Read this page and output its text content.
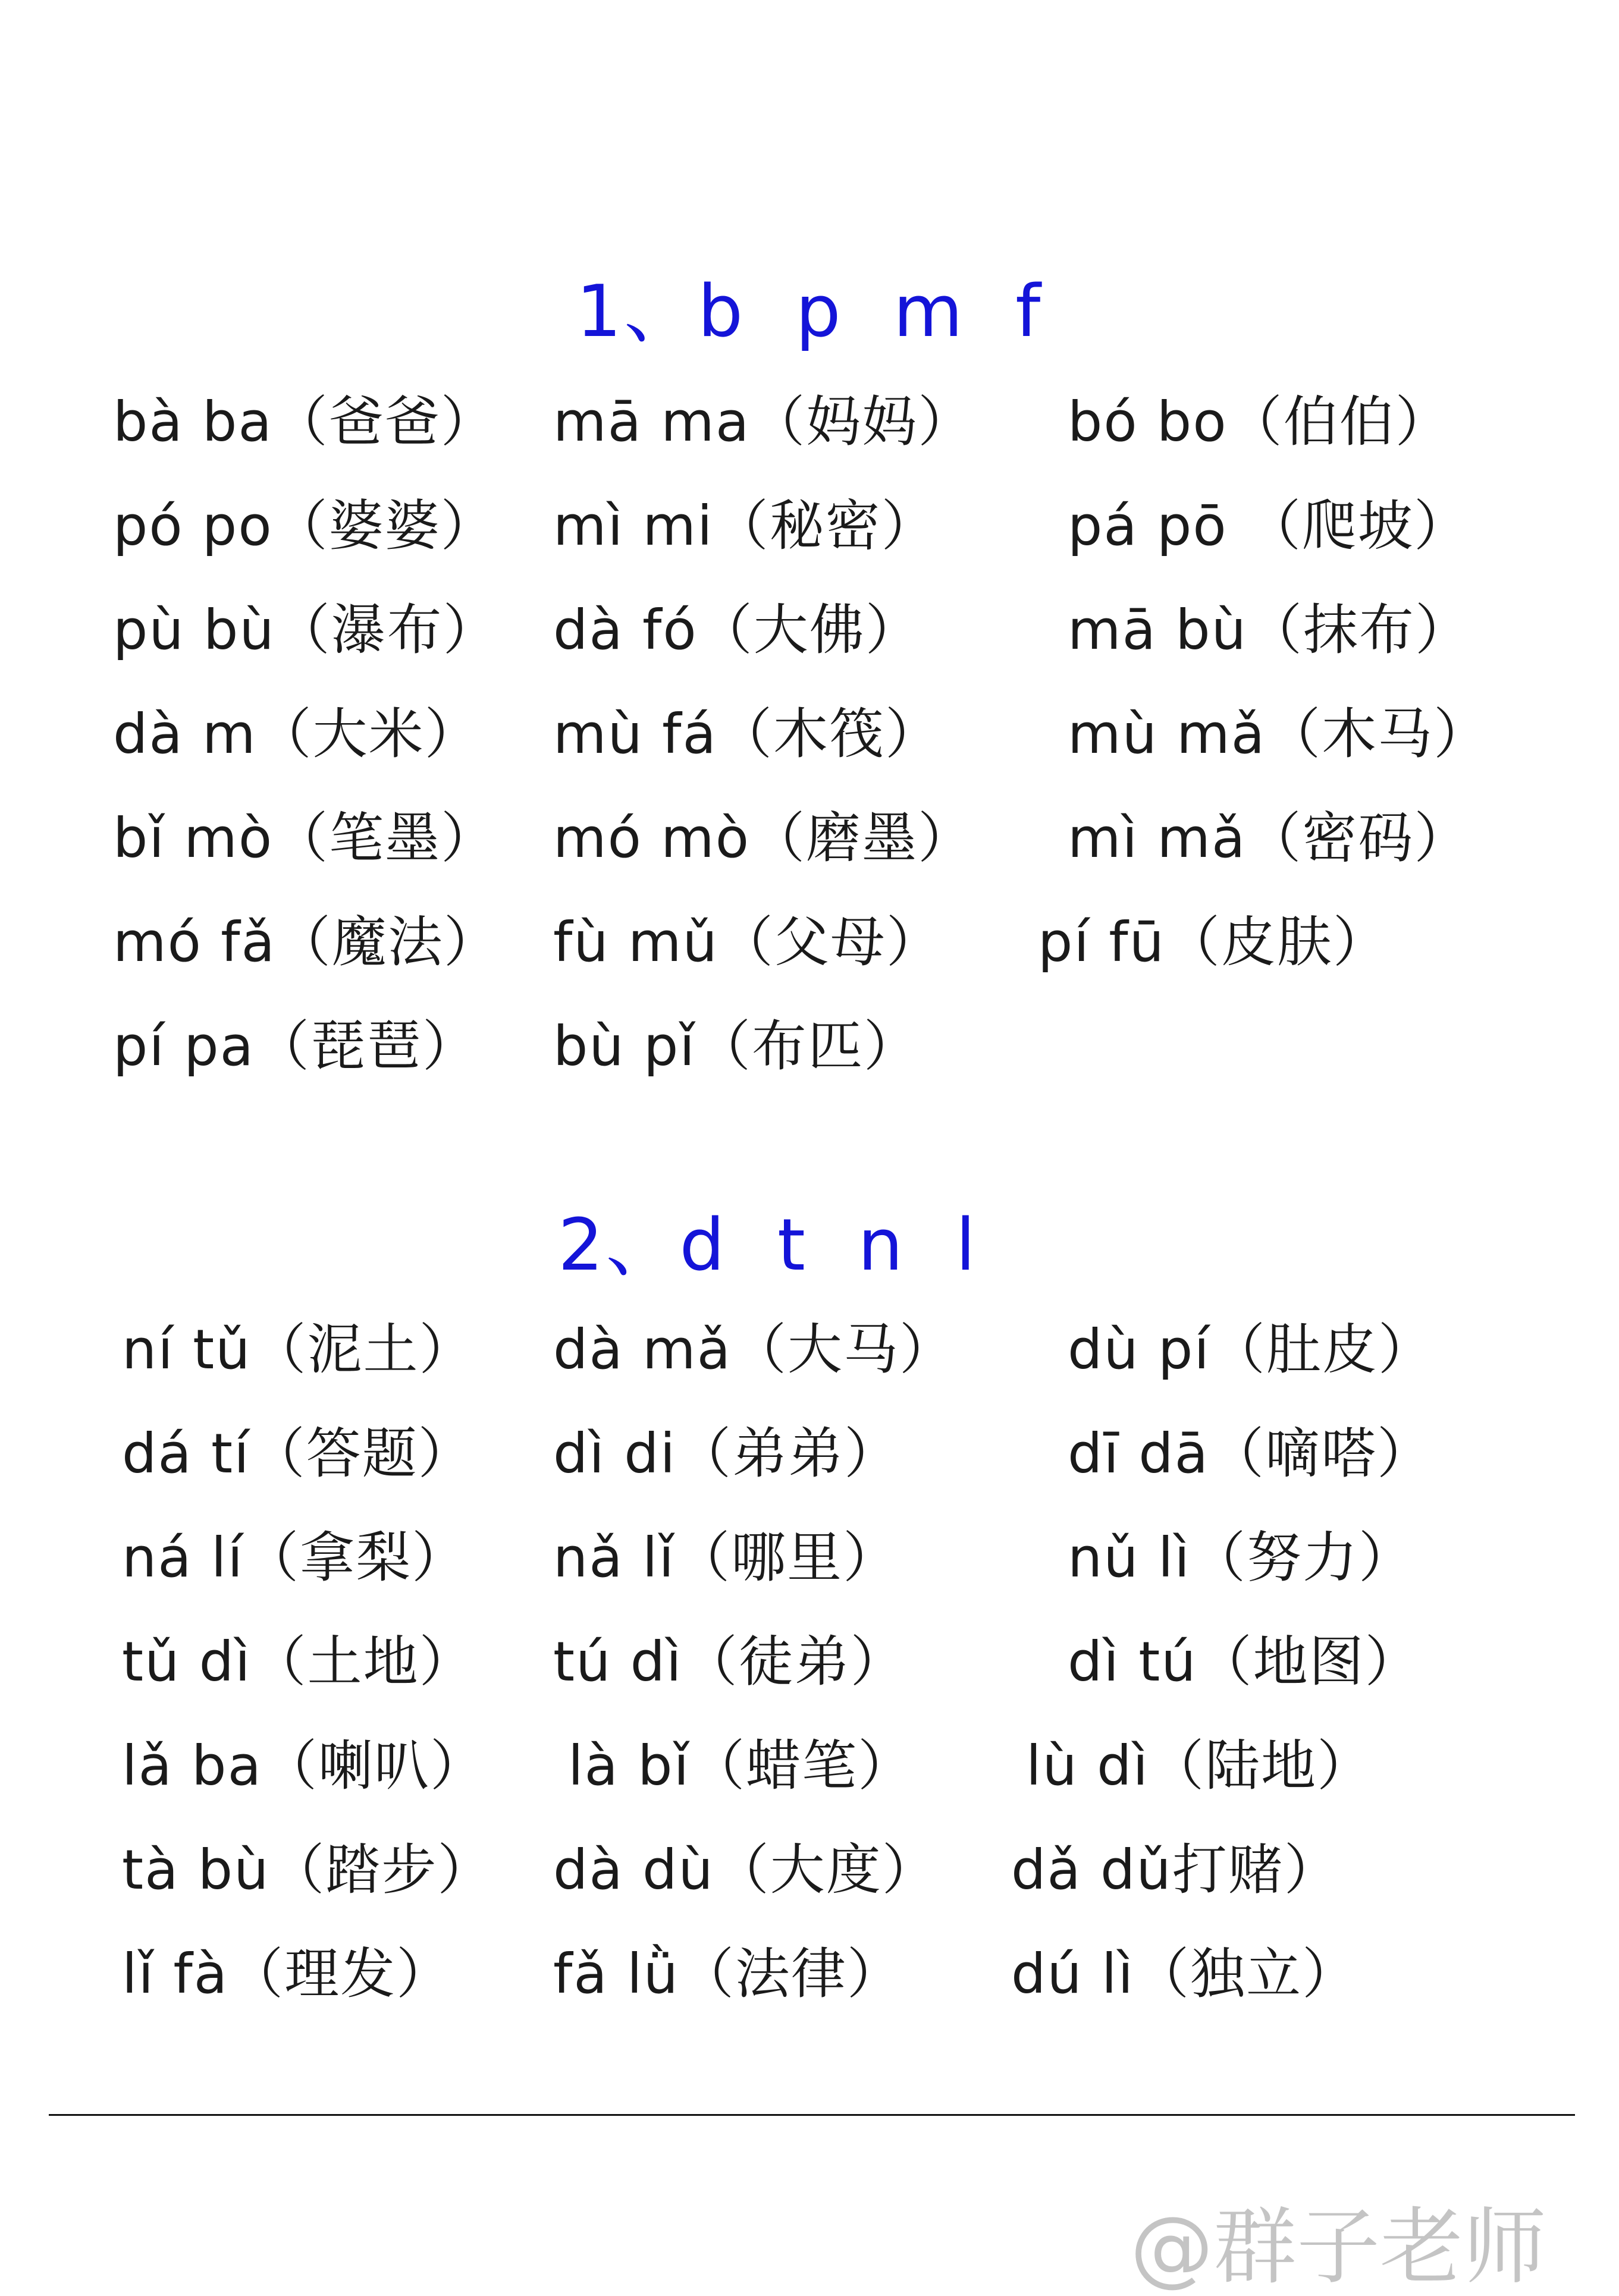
1、b  p  m  f
bà ba（爸爸） mā ma（妈妈） bó bo（伯伯）
pó po（婆婆） mì mi（秘密） pá pō （爬坡）
pù bù（瀑布） dà fó（大佛）	mā bù（抹布）
dà m（大米） mù fá（木筏） mù mǎ（木马）
bǐ mò（笔墨） mó mò（磨墨） mì mǎ（密码）
mó fǎ（魔法） fù mǔ（父母） pí fū（皮肤）
pí pa（琵琶） bù pǐ（布匹）
2、d  t  n  l
ní tǔ（泥土） dà mǎ（大马） dù pí（肚皮）
dá tí（答题） dì di（弟弟）	dī dā（嘀嗒）
ná lí（拿梨） nǎ lǐ（哪里）	nǔ lì（努力）
tǔ dì（土地） tú dì（徒弟）	dì tú（地图）
lǎ ba（喇叭） là bǐ（蜡笔） lù dì（陆地）
tà bù（踏步） dà dù（大度） dǎ dǔ打赌）
lǐ fà（理发） fǎ lǜ（法律） dú lì（独立）
@群子老师
